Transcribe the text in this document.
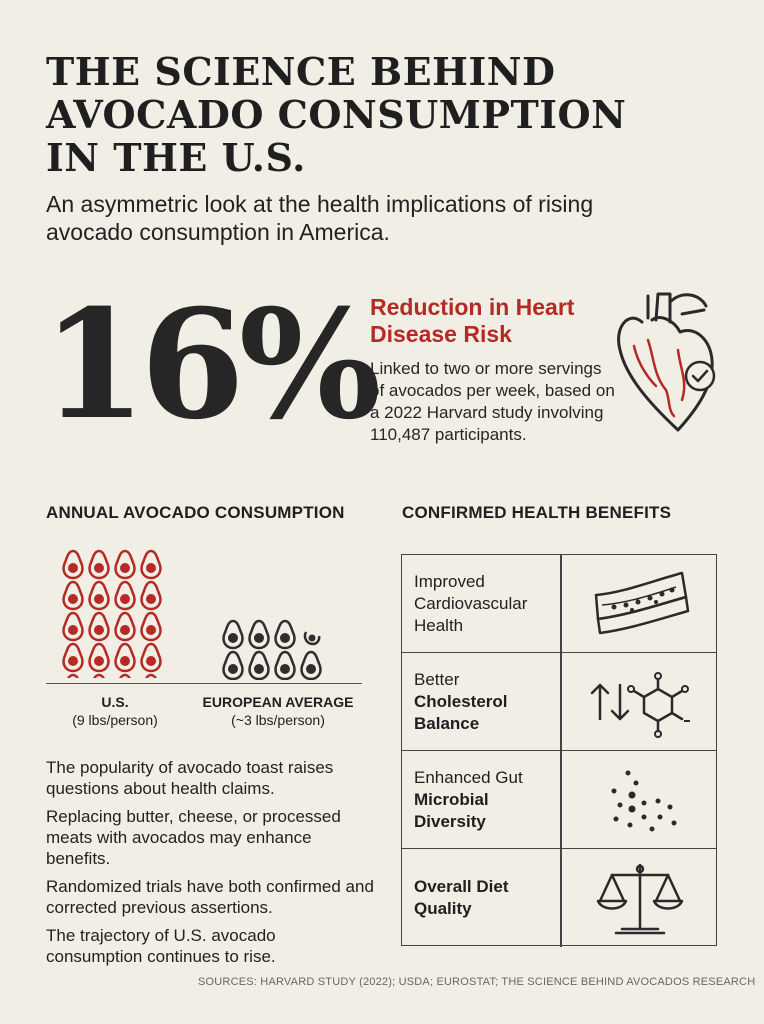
THE SCIENCE BEHIND AVOCADO CONSUMPTION IN THE U.S.
An asymmetric look at the health implications of rising avocado consumption in America.
16%
Reduction in Heart Disease Risk
Linked to two or more servings of avocados per week, based on a 2022 Harvard study involving 110,487 participants.
ANNUAL AVOCADO CONSUMPTION	CONFIRMED HEALTH BENEFITS
U.S.
(9 lbs/person)
EUROPEAN AVERAGE
(~3 lbs/person)

The popularity of avocado toast raises questions about health claims.

Replacing butter, cheese, or processed meats with avocados may enhance benefits.

Randomized trials have both confirmed and corrected previous assertions.

The trajectory of U.S. avocado consumption continues to rise.

Improved
Cardiovascular
Health
Better
Cholesterol
Balance
Enhanced Gut
Microbial
Diversity
Overall Diet
Quality
SOURCES: HARVARD STUDY (2022); USDA; EUROSTAT; THE SCIENCE BEHIND AVOCADOS RESEARCH
